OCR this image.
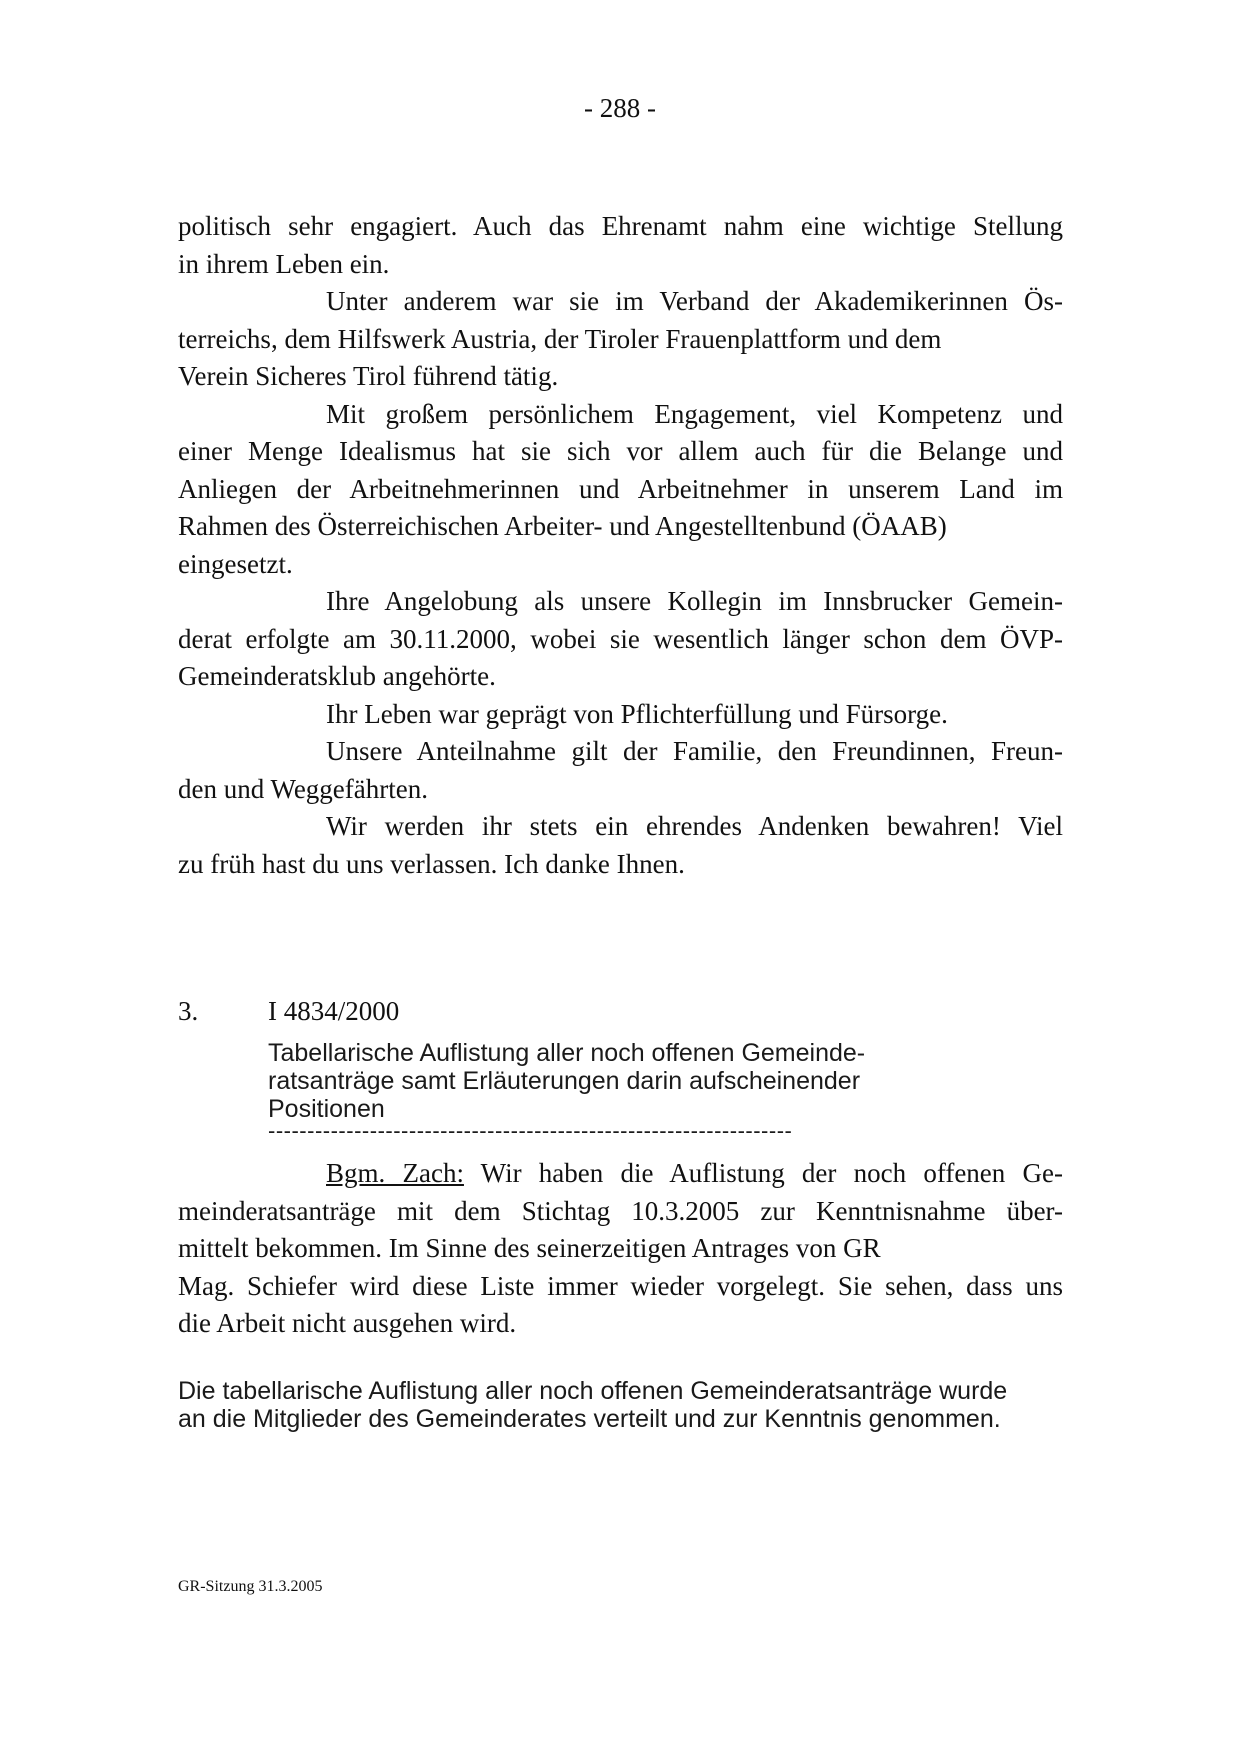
- 288 -
politisch sehr engagiert. Auch das Ehrenamt nahm eine wichtige Stellung
in ihrem Leben ein.
Unter anderem war sie im Verband der Akademikerinnen Ös-
terreichs, dem Hilfswerk Austria, der Tiroler Frauenplattform und dem
Verein Sicheres Tirol führend tätig.
Mit großem persönlichem Engagement, viel Kompetenz und
einer Menge Idealismus hat sie sich vor allem auch für die Belange und
Anliegen der Arbeitnehmerinnen und Arbeitnehmer in unserem Land im
Rahmen des Österreichischen Arbeiter- und Angestelltenbund (ÖAAB)
eingesetzt.
Ihre Angelobung als unsere Kollegin im Innsbrucker Gemein-
derat erfolgte am 30.11.2000, wobei sie wesentlich länger schon dem ÖVP-
Gemeinderatsklub angehörte.
Ihr Leben war geprägt von Pflichterfüllung und Fürsorge.
Unsere Anteilnahme gilt der Familie, den Freundinnen, Freun-
den und Weggefährten.
Wir werden ihr stets ein ehrendes Andenken bewahren! Viel
zu früh hast du uns verlassen. Ich danke Ihnen.
3.	I 4834/2000
Tabellarische Auflistung aller noch offenen Gemeinde-
ratsanträge samt Erläuterungen darin aufscheinender
Positionen
-------------------------------------------------------------------
Bgm. Zach: Wir haben die Auflistung der noch offenen Ge-
meinderatsanträge mit dem Stichtag 10.3.2005 zur Kenntnisnahme über-
mittelt bekommen. Im Sinne des seinerzeitigen Antrages von GR
Mag. Schiefer wird diese Liste immer wieder vorgelegt. Sie sehen, dass uns
die Arbeit nicht ausgehen wird.
Die tabellarische Auflistung aller noch offenen Gemeinderatsanträge wurde
an die Mitglieder des Gemeinderates verteilt und zur Kenntnis genommen.
GR-Sitzung 31.3.2005
